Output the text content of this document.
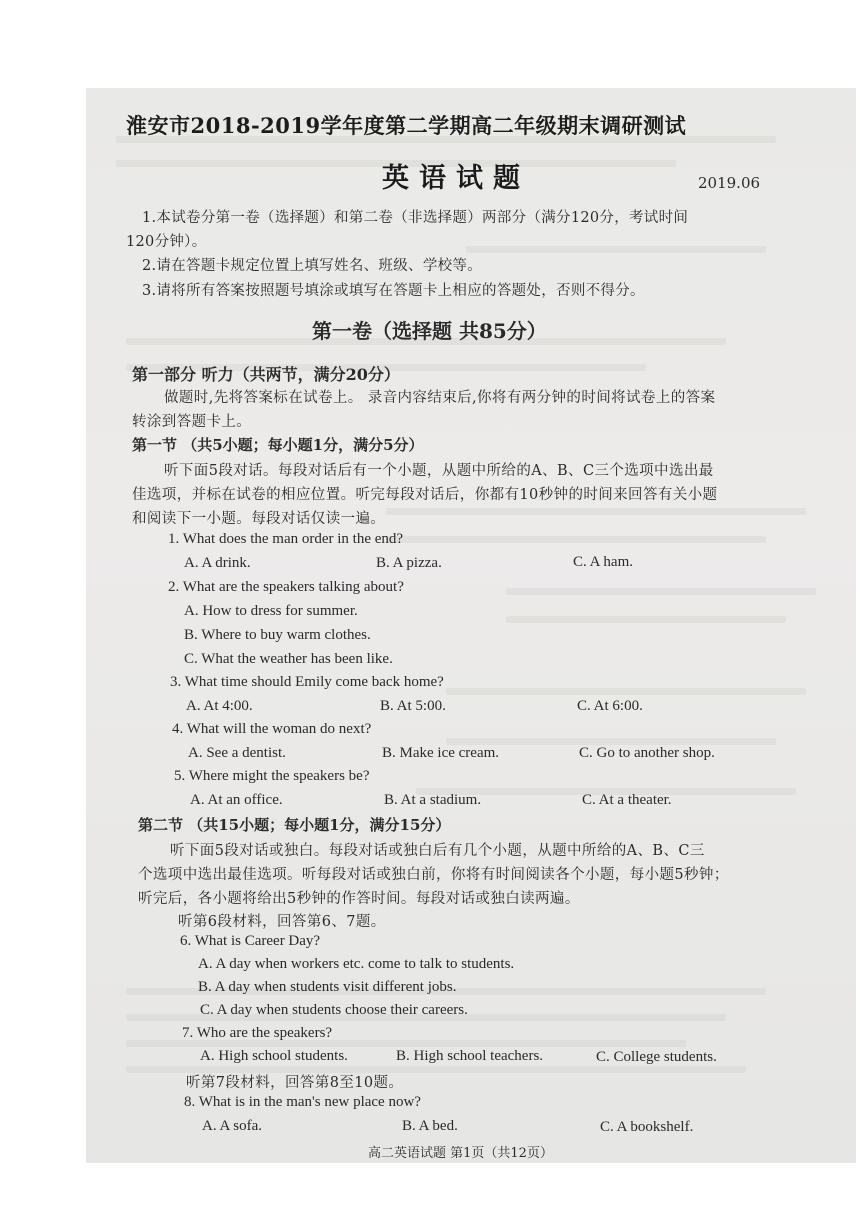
淮安市2018-2019学年度第二学期高二年级期末调研测试
英语试题	2019.06
1.本试卷分第一卷（选择题）和第二卷（非选择题）两部分（满分120分，考试时间
120分钟）。
2.请在答题卡规定位置上填写姓名、班级、学校等。
3.请将所有答案按照题号填涂或填写在答题卡上相应的答题处，否则不得分。
第一卷（选择题 共85分）
第一部分 听力（共两节，满分20分）
做题时,先将答案标在试卷上。 录音内容结束后,你将有两分钟的时间将试卷上的答案
转涂到答题卡上。
第一节 （共5小题；每小题1分，满分5分）
听下面5段对话。每段对话后有一个小题，从题中所给的A、B、C三个选项中选出最
佳选项，并标在试卷的相应位置。听完每段对话后，你都有10秒钟的时间来回答有关小题
和阅读下一小题。每段对话仅读一遍。
1. What does the man order in the end?
A. A drink.	B. A pizza.	C. A ham.
2. What are the speakers talking about?
A. How to dress for summer.
B. Where to buy warm clothes.
C. What the weather has been like.
3. What time should Emily come back home?
A. At 4:00.	B. At 5:00.	C. At 6:00.
4. What will the woman do next?
A. See a dentist.	B. Make ice cream.	C. Go to another shop.
5. Where might the speakers be?
A. At an office.	B. At a stadium.	C. At a theater.
第二节 （共15小题；每小题1分，满分15分）
听下面5段对话或独白。每段对话或独白后有几个小题，从题中所给的A、B、C三
个选项中选出最佳选项。听每段对话或独白前，你将有时间阅读各个小题，每小题5秒钟；
听完后，各小题将给出5秒钟的作答时间。每段对话或独白读两遍。
听第6段材料，回答第6、7题。
6. What is Career Day?
A. A day when workers etc. come to talk to students.
B. A day when students visit different jobs.
C. A day when students choose their careers.
7. Who are the speakers?
A. High school students.	B. High school teachers.	C. College students.
听第7段材料，回答第8至10题。
8. What is in the man's new place now?
A. A sofa.	B. A bed.	C. A bookshelf.
高二英语试题 第1页（共12页）
